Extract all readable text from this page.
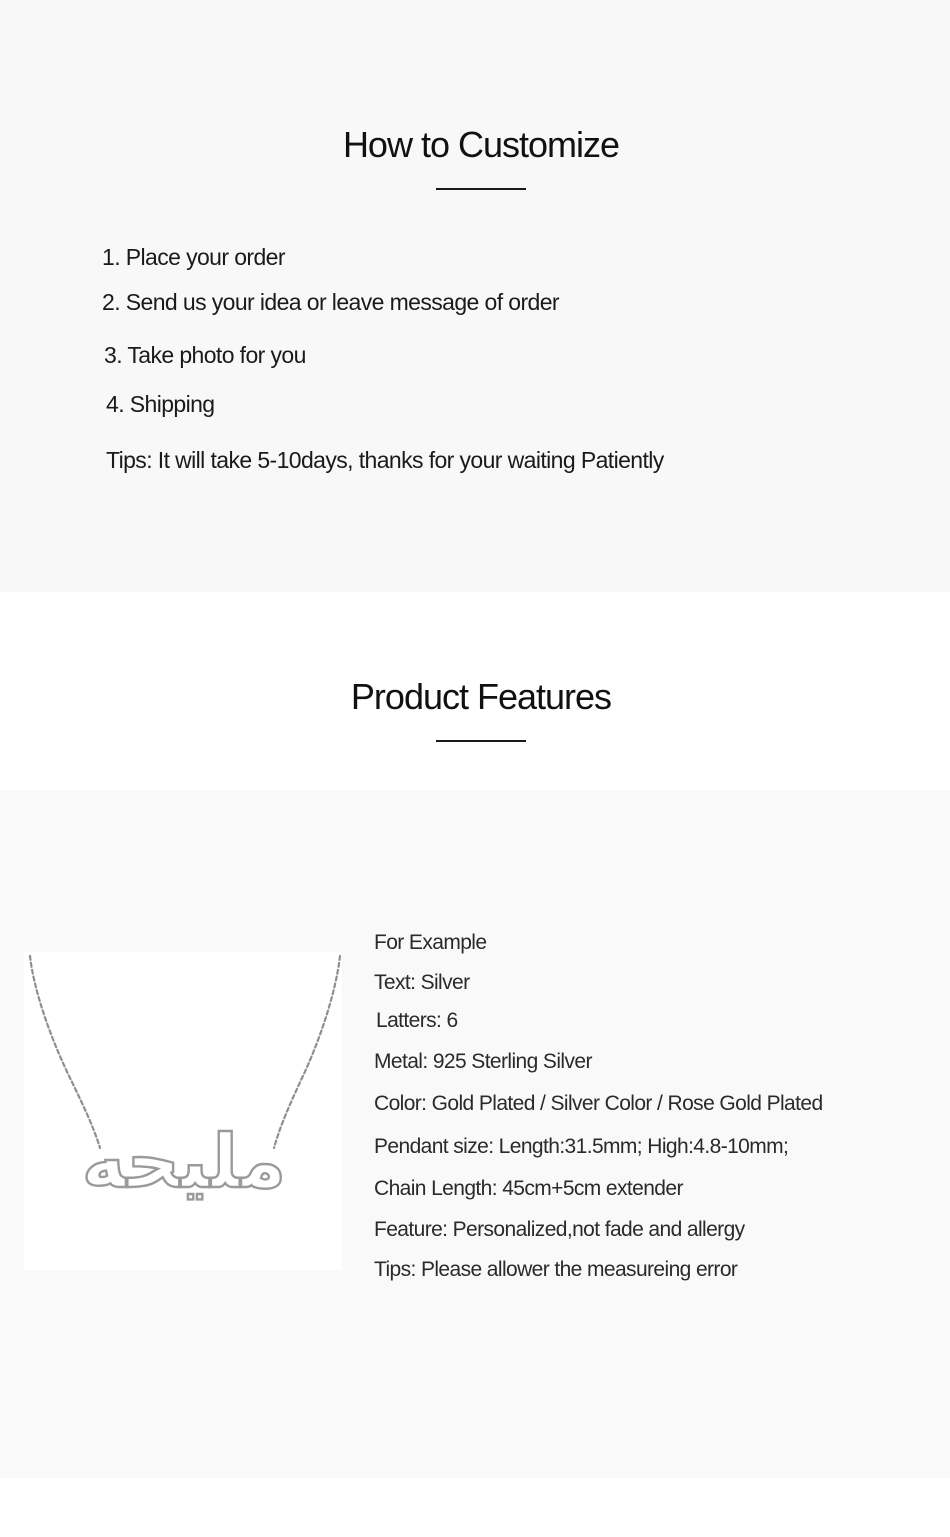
How to Customize
1. Place your order
2. Send us your idea or leave message of order
3. Take photo for you
4. Shipping
Tips: It will take 5-10days, thanks for your waiting Patiently
Product Features
مليحه
For Example
Text: Silver
Latters: 6
Metal: 925 Sterling Silver
Color: Gold Plated / Silver Color / Rose Gold Plated
Pendant size: Length:31.5mm; High:4.8-10mm;
Chain Length: 45cm+5cm extender
Feature: Personalized,not fade and allergy
Tips: Please allower the measureing error
